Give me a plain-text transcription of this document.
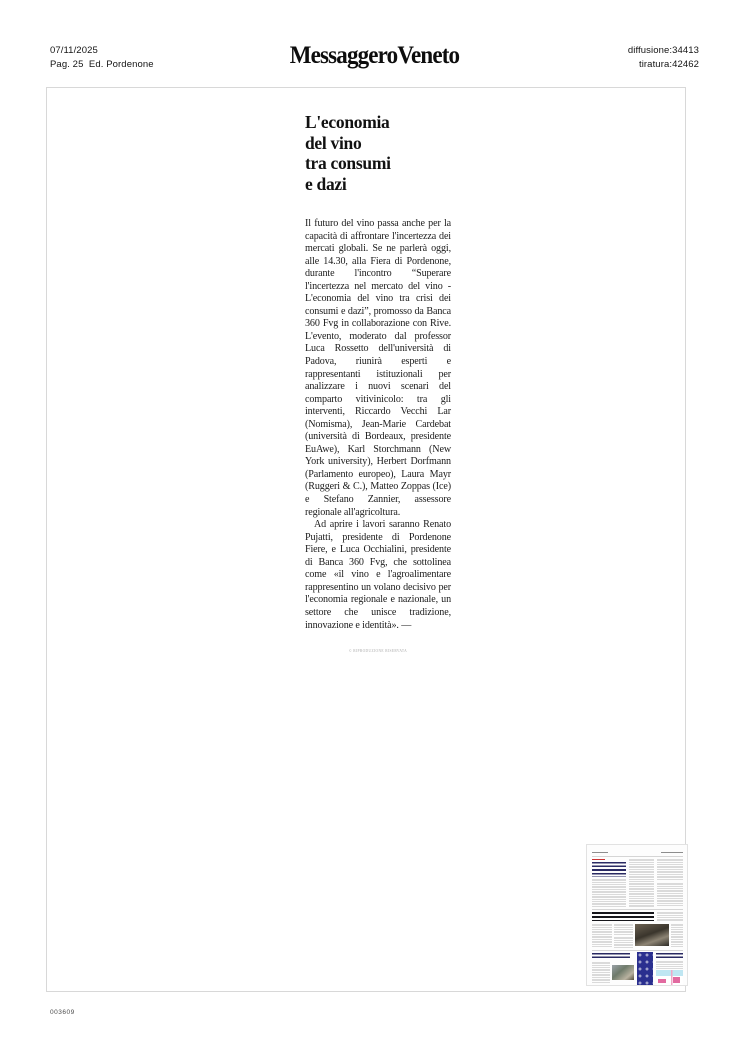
07/11/2025
Pag. 25  Ed. Pordenone	MessaggeroVeneto	diffusione:34413
tiratura:42462
L'economia
del vino
tra consumi
e dazi

Il futuro del vino passa anche per la capacità di affrontare l'incertezza dei mercati globali. Se ne parlerà oggi, alle 14.30, alla Fiera di Pordenone, durante l'incontro “Superare l'incertezza nel mercato del vino - L'economia del vino tra crisi dei consumi e dazi”, promosso da Banca 360 Fvg in collaborazione con Rive. L'evento, moderato dal professor Luca Rossetto dell'università di Padova, riunirà esperti e rappresentanti istituzionali per analizzare i nuovi scenari del comparto vitivinicolo: tra gli interventi, Riccardo Vecchi Lar (Nomisma), Jean-Marie Cardebat (università di Bordeaux, presidente EuAwe), Karl Storchmann (New York university), Herbert Dorfmann (Parlamento europeo), Laura Mayr (Ruggeri & C.), Matteo Zoppas (Ice) e Stefano Zannier, assessore regionale all'agricoltura.

Ad aprire i lavori saranno Renato Pujatti, presidente di Pordenone Fiere, e Luca Occhialini, presidente di Banca 360 Fvg, che sottolinea come «il vino e l'agroalimentare rappresentino un volano decisivo per l'economia regionale e nazionale, un settore che unisce tradizione, innovazione e identità». —

© RIPRODUZIONE RISERVATA
003609
